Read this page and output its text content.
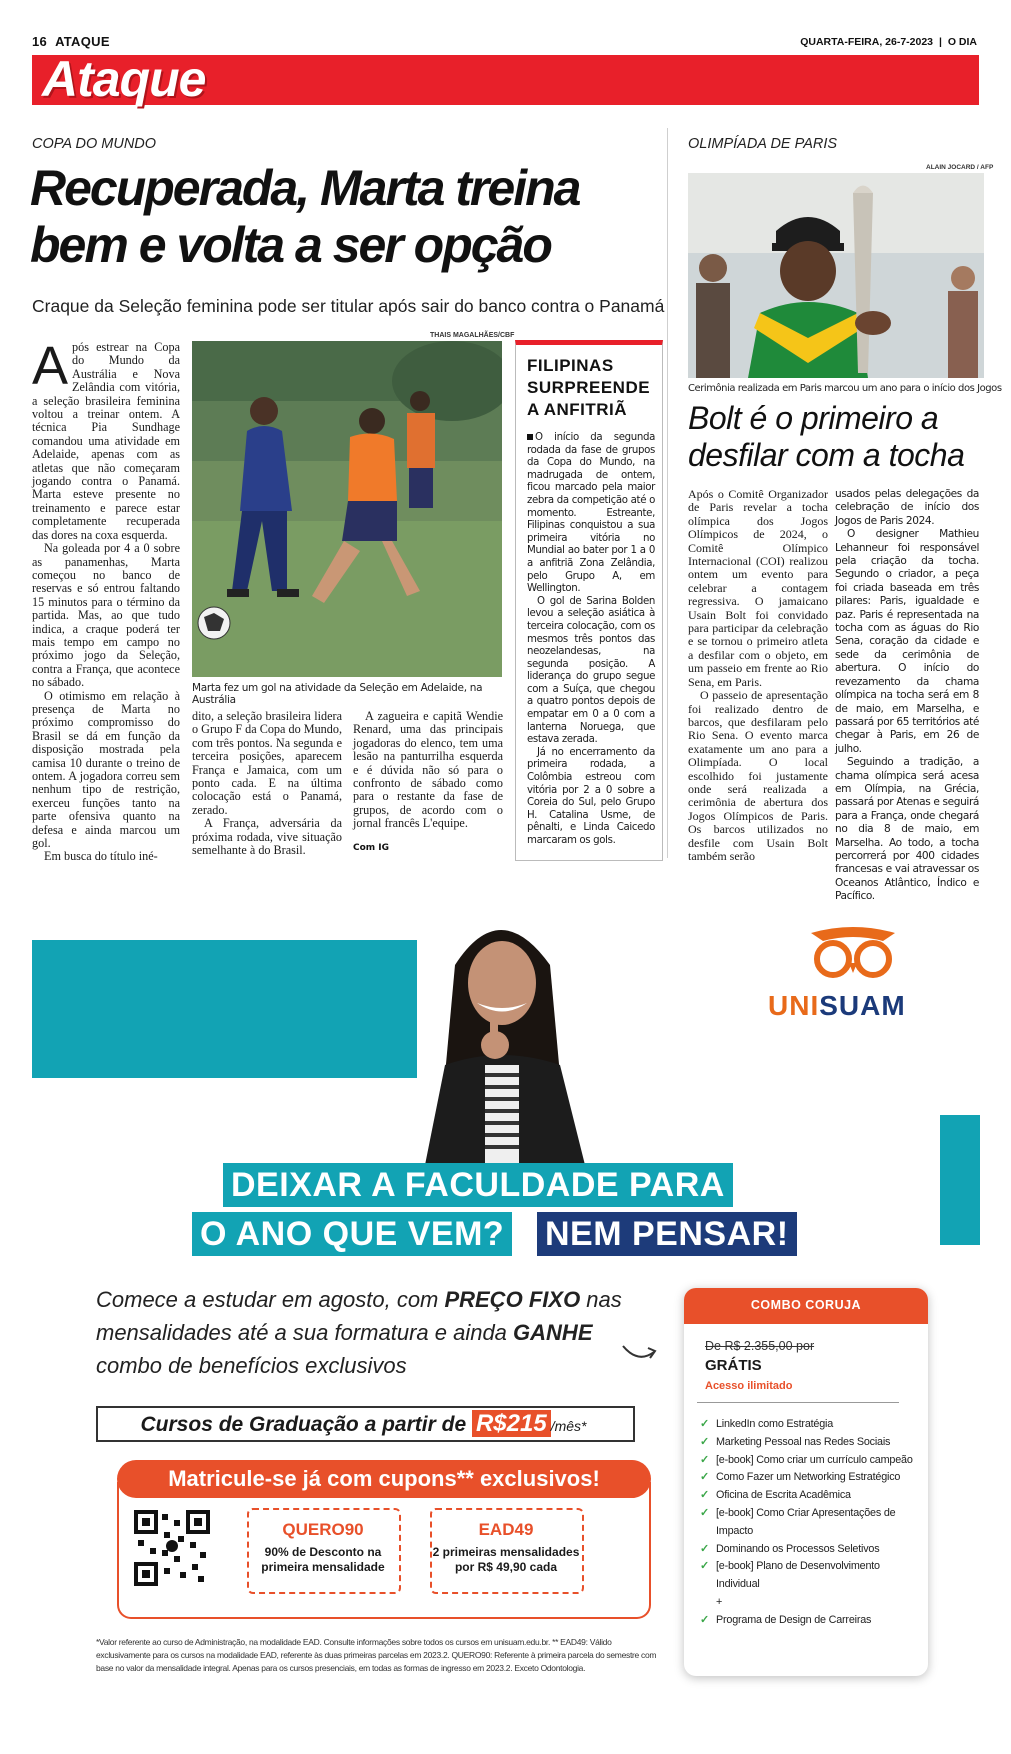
16 ATAQUE	QUARTA-FEIRA, 26-7-2023 | O DIA
Ataque
COPA DO MUNDO	OLIMPÍADA DE PARIS
Recuperada, Marta treina bem e volta a ser opção
Craque da Seleção feminina pode ser titular após sair do banco contra o Panamá
A pós estrear na Copa do Mundo da Austrália e Nova Zelândia com vitória, a seleção brasileira feminina voltou a treinar ontem. A técnica Pia Sundhage comandou uma atividade em Adelaide, apenas com as atletas que não começaram jogando contra o Panamá. Marta esteve presente no treinamento e parece estar completamente recuperada das dores na coxa esquerda.

Na goleada por 4 a 0 sobre as panamenhas, Marta começou no banco de reservas e só entrou faltando 15 minutos para o término da partida. Mas, ao que tudo indica, a craque poderá ter mais tempo em campo no próximo jogo da Seleção, contra a França, que acontece no sábado.

O otimismo em relação à presença de Marta no próximo compromisso do Brasil se dá em função da disposição mostrada pela camisa 10 durante o treino de ontem. A jogadora correu sem nenhum tipo de restrição, exerceu funções tanto na parte ofensiva quanto na defesa e ainda marcou um gol.

Em busca do título iné-

THAIS MAGALHÃES/CBF
Marta fez um gol na atividade da Seleção em Adelaide, na Austrália

dito, a seleção brasileira lidera o Grupo F da Copa do Mundo, com três pontos. Na segunda e terceira posições, aparecem França e Jamaica, com um ponto cada. E na última colocação está o Panamá, zerado.

A França, adversária da próxima rodada, vive situação semelhante à do Brasil.

A zagueira e capitã Wendie Renard, uma das principais jogadoras do elenco, tem uma lesão na panturrilha esquerda e é dúvida não só para o confronto de sábado como para o restante da fase de grupos, de acordo com o jornal francês L'equipe.

Com IG
FILIPINAS SURPREENDE A ANFITRIÃ

O início da segunda rodada da fase de grupos da Copa do Mundo, na madrugada de ontem, ficou marcado pela maior zebra da competição até o momento. Estreante, Filipinas conquistou a sua primeira vitória no Mundial ao bater por 1 a 0 a anfitriã Zona Zelândia, pelo Grupo A, em Wellington.

O gol de Sarina Bolden levou a seleção asiática à terceira colocação, com os mesmos três pontos das neozelandesas, na segunda posição. A liderança do grupo segue com a Suíça, que chegou a quatro pontos depois de empatar em 0 a 0 com a lanterna Noruega, que estava zerada.

Já no encerramento da primeira rodada, a Colômbia estreou com vitória por 2 a 0 sobre a Coreia do Sul, pelo Grupo H. Catalina Usme, de pênalti, e Linda Caicedo marcaram os gols.

ALAIN JOCARD / AFP
Cerimônia realizada em Paris marcou um ano para o início dos Jogos
Bolt é o primeiro a desfilar com a tocha

Após o Comitê Organizador de Paris revelar a tocha olímpica dos Jogos Olímpicos de 2024, o Comitê Olímpico Internacional (COI) realizou ontem um evento para celebrar a contagem regressiva. O jamaicano Usain Bolt foi convidado para participar da celebração e se tornou o primeiro atleta a desfilar com o objeto, em um passeio em frente ao Rio Sena, em Paris.

O passeio de apresentação foi realizado dentro de barcos, que desfilaram pelo Rio Sena. O evento marca exatamente um ano para a Olimpíada. O local escolhido foi justamente onde será realizada a cerimônia de abertura dos Jogos Olímpicos de Paris. Os barcos utilizados no desfile com Usain Bolt também serão

usados pelas delegações da celebração de início dos Jogos de Paris 2024.

O designer Mathieu Lehanneur foi responsável pela criação da tocha. Segundo o criador, a peça foi criada baseada em três pilares: Paris, igualdade e paz. Paris é representada na tocha com as águas do Rio Sena, coração da cidade e sede da cerimônia de abertura. O início do revezamento da chama olímpica na tocha será em 8 de maio, em Marselha, e passará por 65 territórios até chegar à Paris, em 26 de julho.

Seguindo a tradição, a chama olímpica será acesa em Olímpia, na Grécia, passará por Atenas e seguirá para a França, onde chegará no dia 8 de maio, em Marselha. Ao todo, a tocha percorrerá por 400 cidades francesas e vai atravessar os Oceanos Atlântico, Índico e Pacífico.

UNISUAM
DEIXAR A FACULDADE PARA
O ANO QUE VEM? NEM PENSAR!
Comece a estudar em agosto, com PREÇO FIXO nas mensalidades até a sua formatura e ainda GANHE combo de benefícios exclusivos
Cursos de Graduação a partir de R$215 /mês*
Matricule-se já com cupons** exclusivos!
QUERO90
90% de Desconto na primeira mensalidade
EAD49
2 primeiras mensalidades por R$ 49,90 cada
*Valor referente ao curso de Administração, na modalidade EAD. Consulte informações sobre todos os cursos em unisuam.edu.br. ** EAD49: Válido exclusivamente para os cursos na modalidade EAD, referente às duas primeiras parcelas em 2023.2. QUERO90: Referente à primeira parcela do semestre com base no valor da mensalidade integral. Apenas para os cursos presenciais, em todas as formas de ingresso em 2023.2. Exceto Odontologia.
COMBO CORUJA
De R$ 2.355,00 por
GRÁTIS
Acesso ilimitado
✓ LinkedIn como Estratégia
✓ Marketing Pessoal nas Redes Sociais
✓ [e-book] Como criar um currículo campeão
✓ Como Fazer um Networking Estratégico
✓ Oficina de Escrita Acadêmica
✓ [e-book] Como Criar Apresentações de Impacto
✓ Dominando os Processos Seletivos
✓ [e-book] Plano de Desenvolvimento Individual
+
✓ Programa de Design de Carreiras
